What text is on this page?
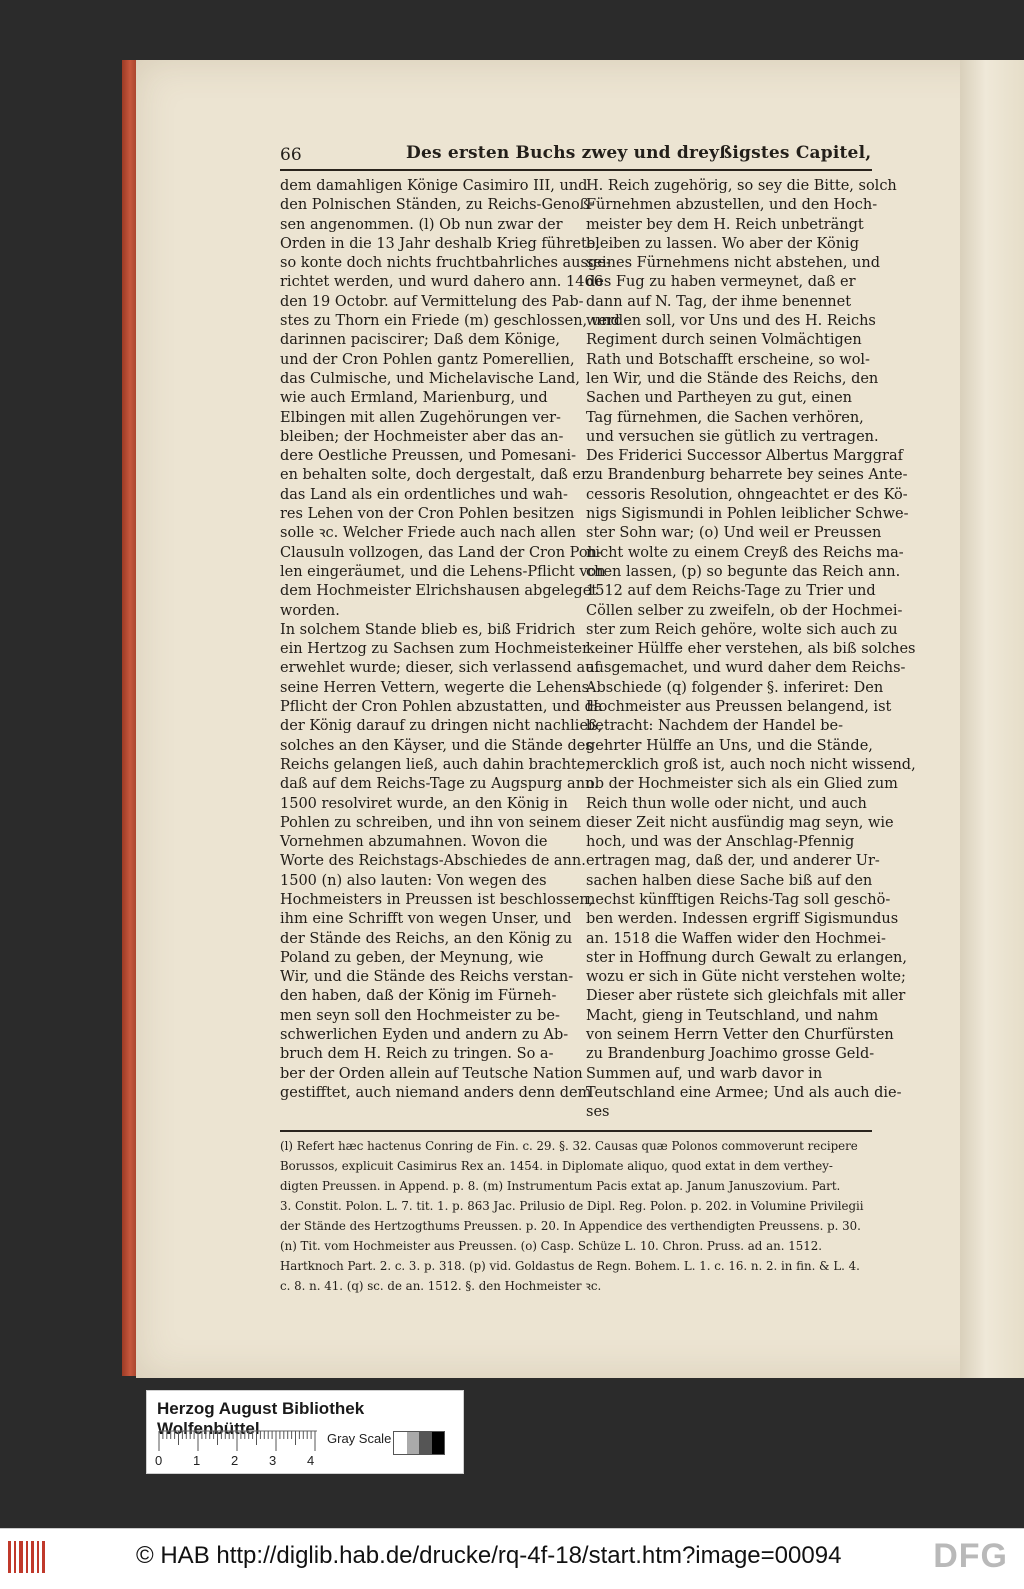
66	Des ersten Buchs zwey und dreyßigstes Capitel,
dem damahligen Könige Casimiro III, und
den Polnischen Ständen, zu Reichs-Genoß-
sen angenommen. (l) Ob nun zwar der
Orden in die 13 Jahr deshalb Krieg führete,
so konte doch nichts fruchtbahrliches ausge-
richtet werden, und wurd dahero ann. 1466
den 19 Octobr. auf Vermittelung des Pab-
stes zu Thorn ein Friede (m) geschlossen, und
darinnen paciscirer; Daß dem Könige,
und der Cron Pohlen gantz Pomerellien,
das Culmische, und Michelavische Land,
wie auch Ermland, Marienburg, und
Elbingen mit allen Zugehörungen ver-
bleiben; der Hochmeister aber das an-
dere Oestliche Preussen, und Pomesani-
en behalten solte, doch dergestalt, daß er
das Land als ein ordentliches und wah-
res Lehen von der Cron Pohlen besitzen
solle ꝛc. Welcher Friede auch nach allen
Clausuln vollzogen, das Land der Cron Poh-
len eingeräumet, und die Lehens-Pflicht von
dem Hochmeister Elrichshausen abgeleget
worden.
In solchem Stande blieb es, biß Fridrich
ein Hertzog zu Sachsen zum Hochmeister
erwehlet wurde; dieser, sich verlassend auf
seine Herren Vettern, wegerte die Lehens-
Pflicht der Cron Pohlen abzustatten, und da
der König darauf zu dringen nicht nachließ,
solches an den Käyser, und die Stände des
Reichs gelangen ließ, auch dahin brachte,
daß auf dem Reichs-Tage zu Augspurg ann.
1500 resolviret wurde, an den König in
Pohlen zu schreiben, und ihn von seinem
Vornehmen abzumahnen. Wovon die
Worte des Reichstags-Abschiedes de ann.
1500 (n) also lauten: Von wegen des
Hochmeisters in Preussen ist beschlossen,
ihm eine Schrifft von wegen Unser, und
der Stände des Reichs, an den König zu
Poland zu geben, der Meynung, wie
Wir, und die Stände des Reichs verstan-
den haben, daß der König im Fürneh-
men seyn soll den Hochmeister zu be-
schwerlichen Eyden und andern zu Ab-
bruch dem H. Reich zu tringen. So a-
ber der Orden allein auf Teutsche Nation
gestifftet, auch niemand anders denn dem
H. Reich zugehörig, so sey die Bitte, solch
Fürnehmen abzustellen, und den Hoch-
meister bey dem H. Reich unbeträngt
bleiben zu lassen. Wo aber der König
seines Fürnehmens nicht abstehen, und
des Fug zu haben vermeynet, daß er
dann auf N. Tag, der ihme benennet
werden soll, vor Uns und des H. Reichs
Regiment durch seinen Volmächtigen
Rath und Botschafft erscheine, so wol-
len Wir, und die Stände des Reichs, den
Sachen und Partheyen zu gut, einen
Tag fürnehmen, die Sachen verhören,
und versuchen sie gütlich zu vertragen.
Des Friderici Successor Albertus Marggraf
zu Brandenburg beharrete bey seines Ante-
cessoris Resolution, ohngeachtet er des Kö-
nigs Sigismundi in Pohlen leiblicher Schwe-
ster Sohn war; (o) Und weil er Preussen
nicht wolte zu einem Creyß des Reichs ma-
chen lassen, (p) so begunte das Reich ann.
1512 auf dem Reichs-Tage zu Trier und
Cöllen selber zu zweifeln, ob der Hochmei-
ster zum Reich gehöre, wolte sich auch zu
keiner Hülffe eher verstehen, als biß solches
ausgemachet, und wurd daher dem Reichs-
Abschiede (q) folgender §. inferiret: Den
Hochmeister aus Preussen belangend, ist
betracht: Nachdem der Handel be-
gehrter Hülffe an Uns, und die Stände,
mercklich groß ist, auch noch nicht wissend,
ob der Hochmeister sich als ein Glied zum
Reich thun wolle oder nicht, und auch
dieser Zeit nicht ausfündig mag seyn, wie
hoch, und was der Anschlag-Pfennig
ertragen mag, daß der, und anderer Ur-
sachen halben diese Sache biß auf den
nechst künfftigen Reichs-Tag soll geschö-
ben werden. Indessen ergriff Sigismundus
an. 1518 die Waffen wider den Hochmei-
ster in Hoffnung durch Gewalt zu erlangen,
wozu er sich in Güte nicht verstehen wolte;
Dieser aber rüstete sich gleichfals mit aller
Macht, gieng in Teutschland, und nahm
von seinem Herrn Vetter den Churfürsten
zu Brandenburg Joachimo grosse Geld-
Summen auf, und warb davor in
Teutschland eine Armee; Und als auch die-
ses
(l) Refert hæc hactenus Conring de Fin. c. 29. §. 32. Causas quæ Polonos commoverunt recipere
Borussos, explicuit Casimirus Rex an. 1454. in Diplomate aliquo, quod extat in dem verthey-
digten Preussen. in Append. p. 8. (m) Instrumentum Pacis extat ap. Janum Januszovium. Part.
3. Constit. Polon. L. 7. tit. 1. p. 863 Jac. Prilusio de Dipl. Reg. Polon. p. 202. in Volumine Privilegii
der Stände des Hertzogthums Preussen. p. 20. In Appendice des verthendigten Preussens. p. 30.
(n) Tit. vom Hochmeister aus Preussen. (o) Casp. Schüze L. 10. Chron. Pruss. ad an. 1512.
Hartknoch Part. 2. c. 3. p. 318. (p) vid. Goldastus de Regn. Bohem. L. 1. c. 16. n. 2. in fin. & L. 4.
c. 8. n. 41. (q) sc. de an. 1512. §. den Hochmeister ꝛc.
Herzog August Bibliothek Wolfenbüttel
Gray Scale
0 1 2 3 4
© HAB http://diglib.hab.de/drucke/rq-4f-18/start.htm?image=00094	DFG
